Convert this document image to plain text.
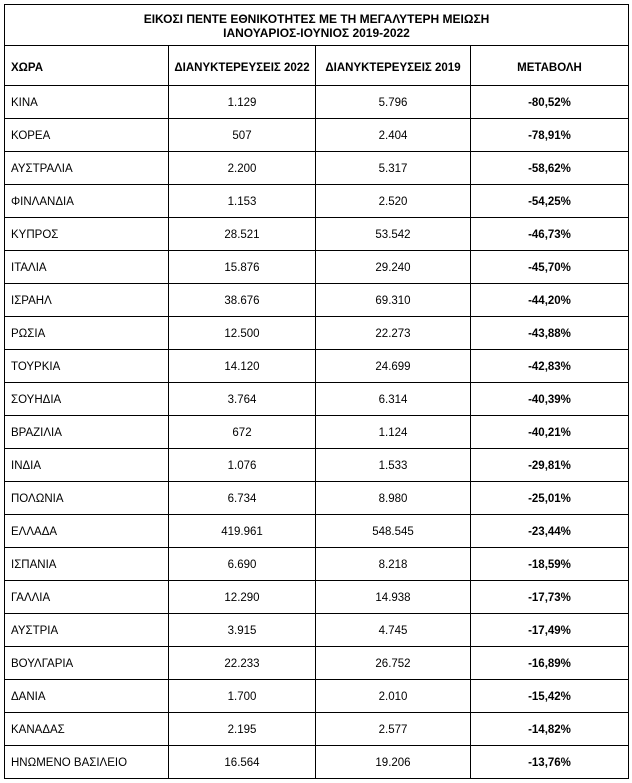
ΕΙΚΟΣΙ ΠΕΝΤΕ ΕΘΝΙΚΟΤΗΤΕΣ ΜΕ ΤΗ ΜΕΓΑΛΥΤΕΡΗ ΜΕΙΩΣΗ
ΙΑΝΟΥΑΡΙΟΣ-ΙΟΥΝΙΟΣ 2019-2022			

ΧΩΡΑ	ΔΙΑΝΥΚΤΕΡΕΥΣΕΙΣ 2022	ΔΙΑΝΥΚΤΕΡΕΥΣΕΙΣ 2019	ΜΕΤΑΒΟΛΗ
ΚΙΝΑ	1.129	5.796	-80,52%
ΚΟΡΕΑ	507	2.404	-78,91%
ΑΥΣΤΡΑΛΙΑ	2.200	5.317	-58,62%
ΦΙΝΛΑΝΔΙΑ	1.153	2.520	-54,25%
ΚΥΠΡΟΣ	28.521	53.542	-46,73%
ΙΤΑΛΙΑ	15.876	29.240	-45,70%
ΙΣΡΑΗΛ	38.676	69.310	-44,20%
ΡΩΣΙΑ	12.500	22.273	-43,88%
ΤΟΥΡΚΙΑ	14.120	24.699	-42,83%
ΣΟΥΗΔΙΑ	3.764	6.314	-40,39%
ΒΡΑΖΙΛΙΑ	672	1.124	-40,21%
ΙΝΔΙΑ	1.076	1.533	-29,81%
ΠΟΛΩΝΙΑ	6.734	8.980	-25,01%
ΕΛΛΑΔΑ	419.961	548.545	-23,44%
ΙΣΠΑΝΙΑ	6.690	8.218	-18,59%
ΓΑΛΛΙΑ	12.290	14.938	-17,73%
ΑΥΣΤΡΙΑ	3.915	4.745	-17,49%
ΒΟΥΛΓΑΡΙΑ	22.233	26.752	-16,89%
ΔΑΝΙΑ	1.700	2.010	-15,42%
ΚΑΝΑΔΑΣ	2.195	2.577	-14,82%
ΗΝΩΜΕΝΟ ΒΑΣΙΛΕΙΟ	16.564	19.206	-13,76%
